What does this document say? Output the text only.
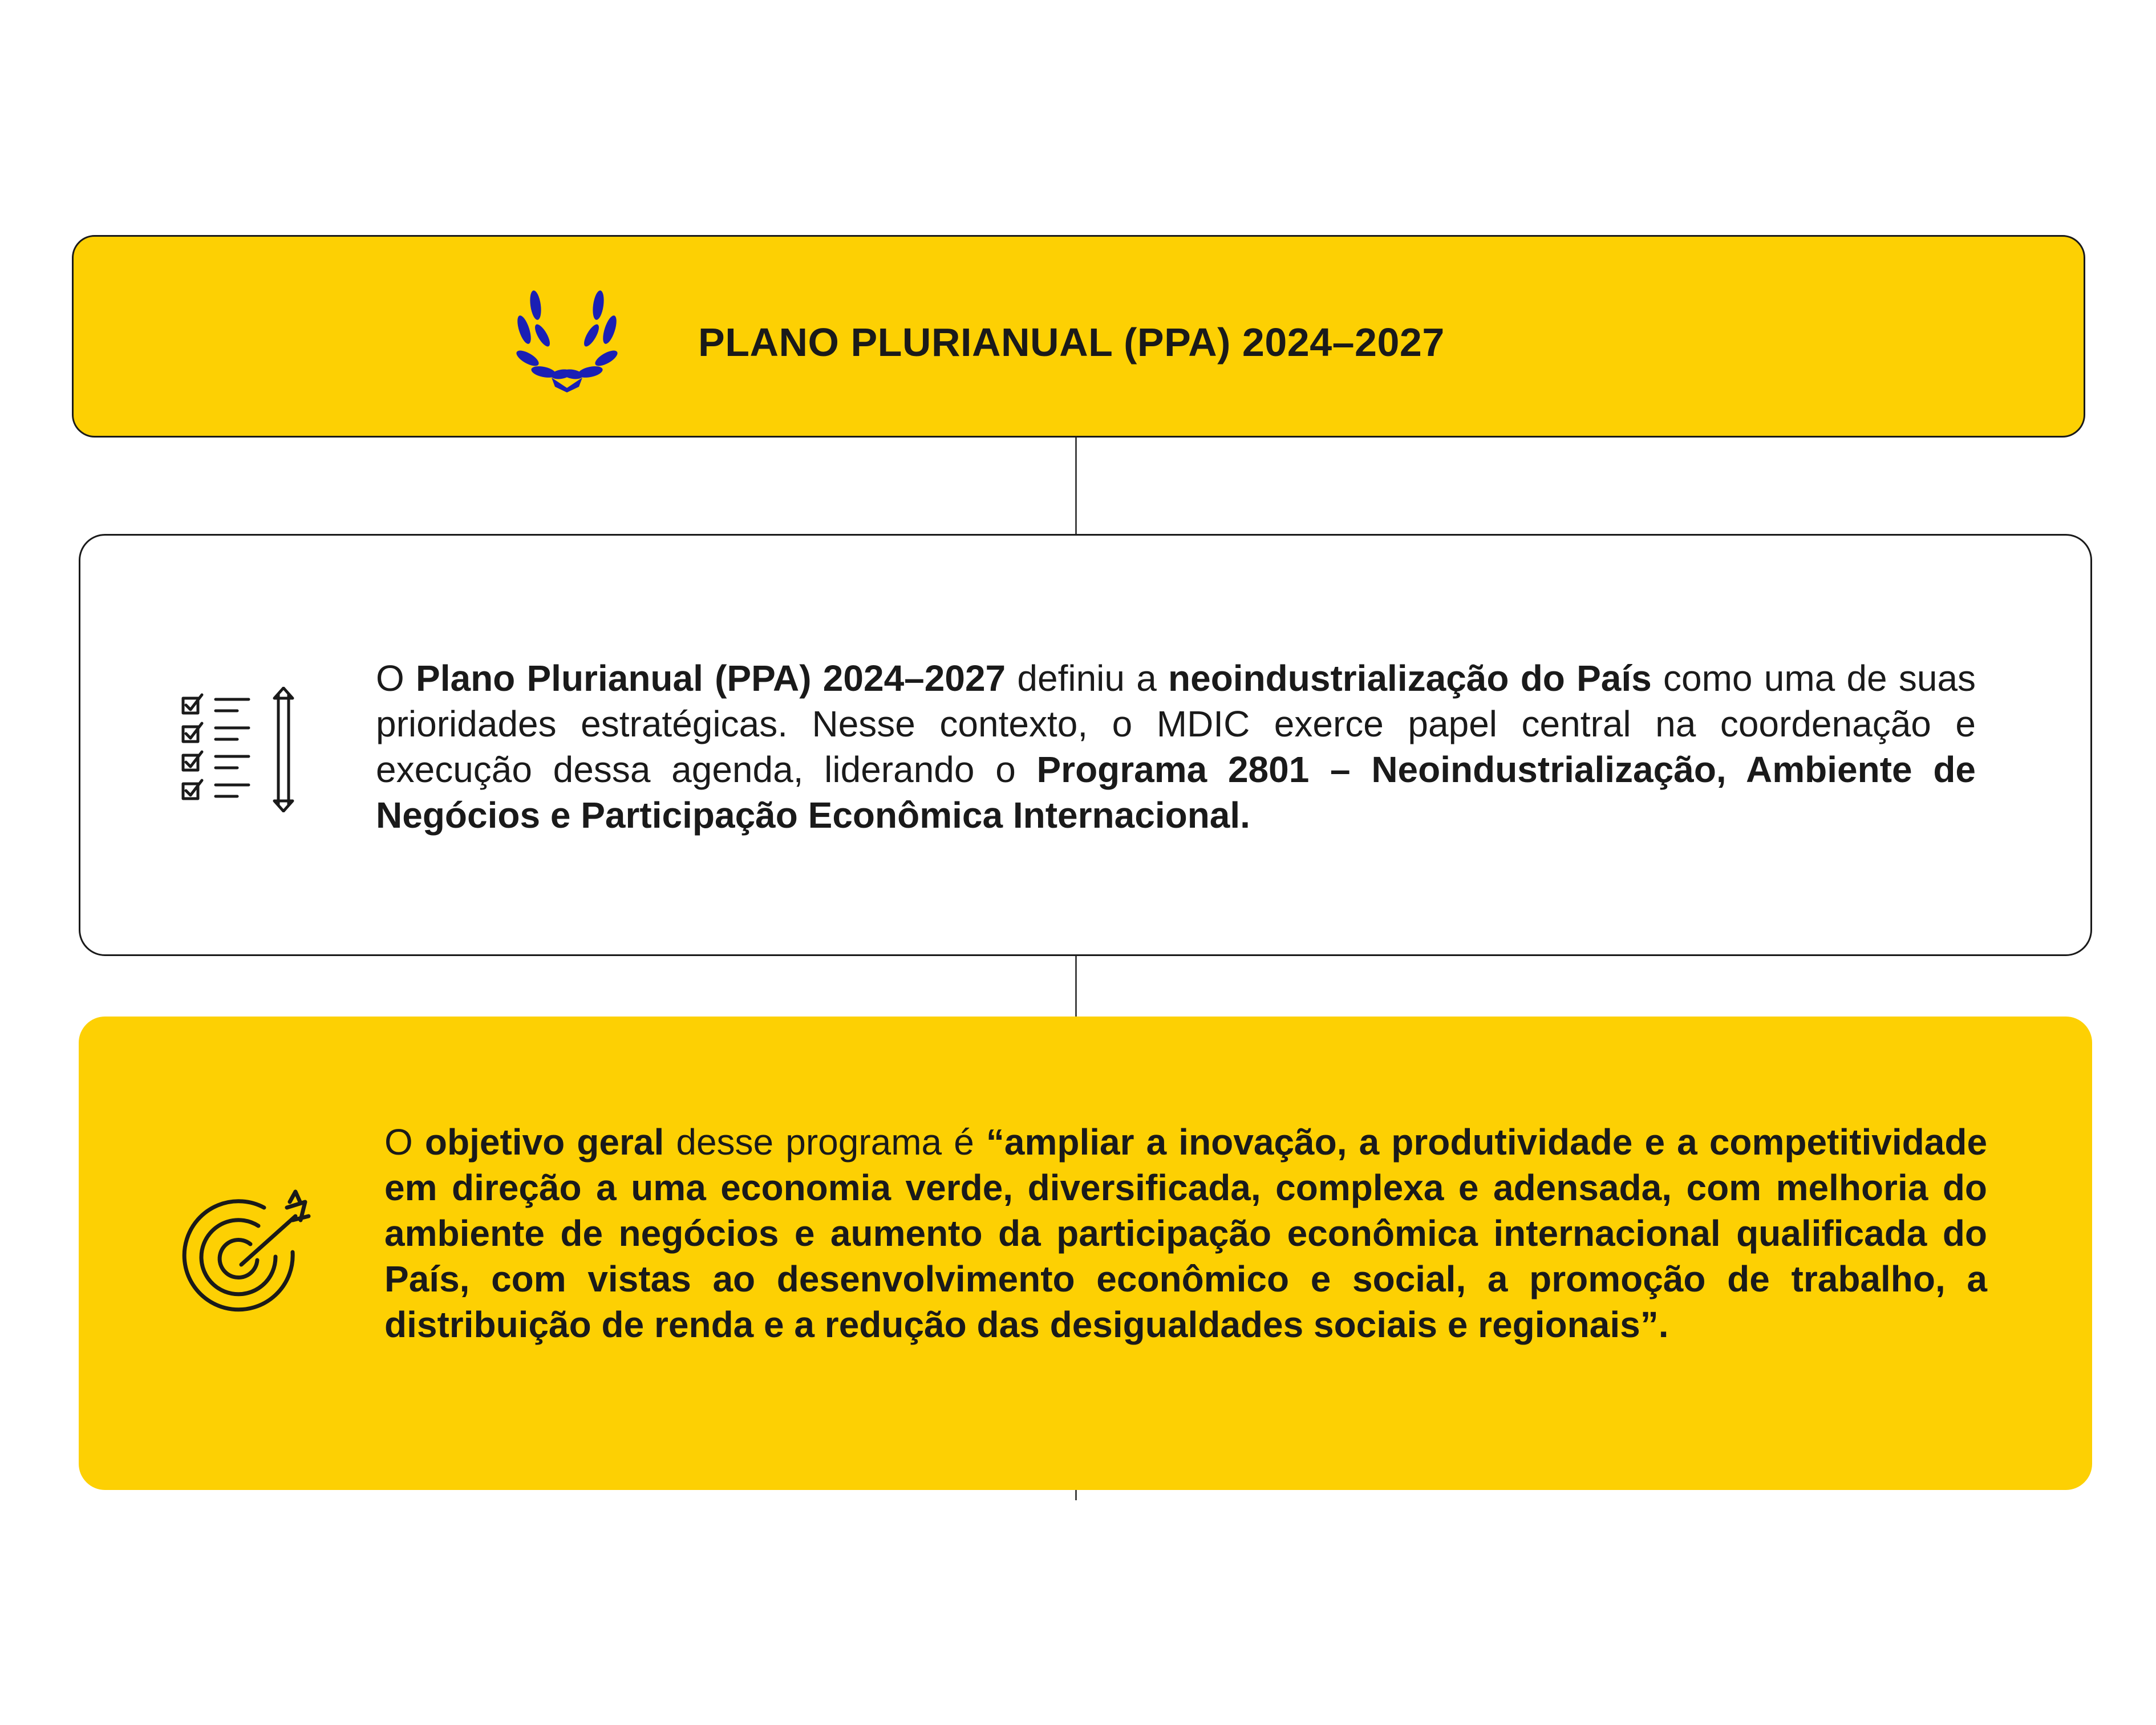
PLANO PLURIANUAL (PPA) 2024–2027
O Plano Plurianual (PPA) 2024–2027 definiu a neoindustrialização do País como uma de suas prioridades estratégicas. Nesse contexto, o MDIC exerce papel central na coordenação e execução dessa agenda, liderando o Programa 2801 – Neoindustrialização, Ambiente de Negócios e Participação Econômica Internacional.
O objetivo geral desse programa é “ampliar a inovação, a produtividade e a competitividade em direção a uma economia verde, diversificada, complexa e adensada, com melhoria do ambiente de negócios e aumento da participação econômica internacional qualificada do País, com vistas ao desenvolvimento econômico e social, a promoção de trabalho, a distribuição de renda e a redução das desigualdades sociais e regionais”.
